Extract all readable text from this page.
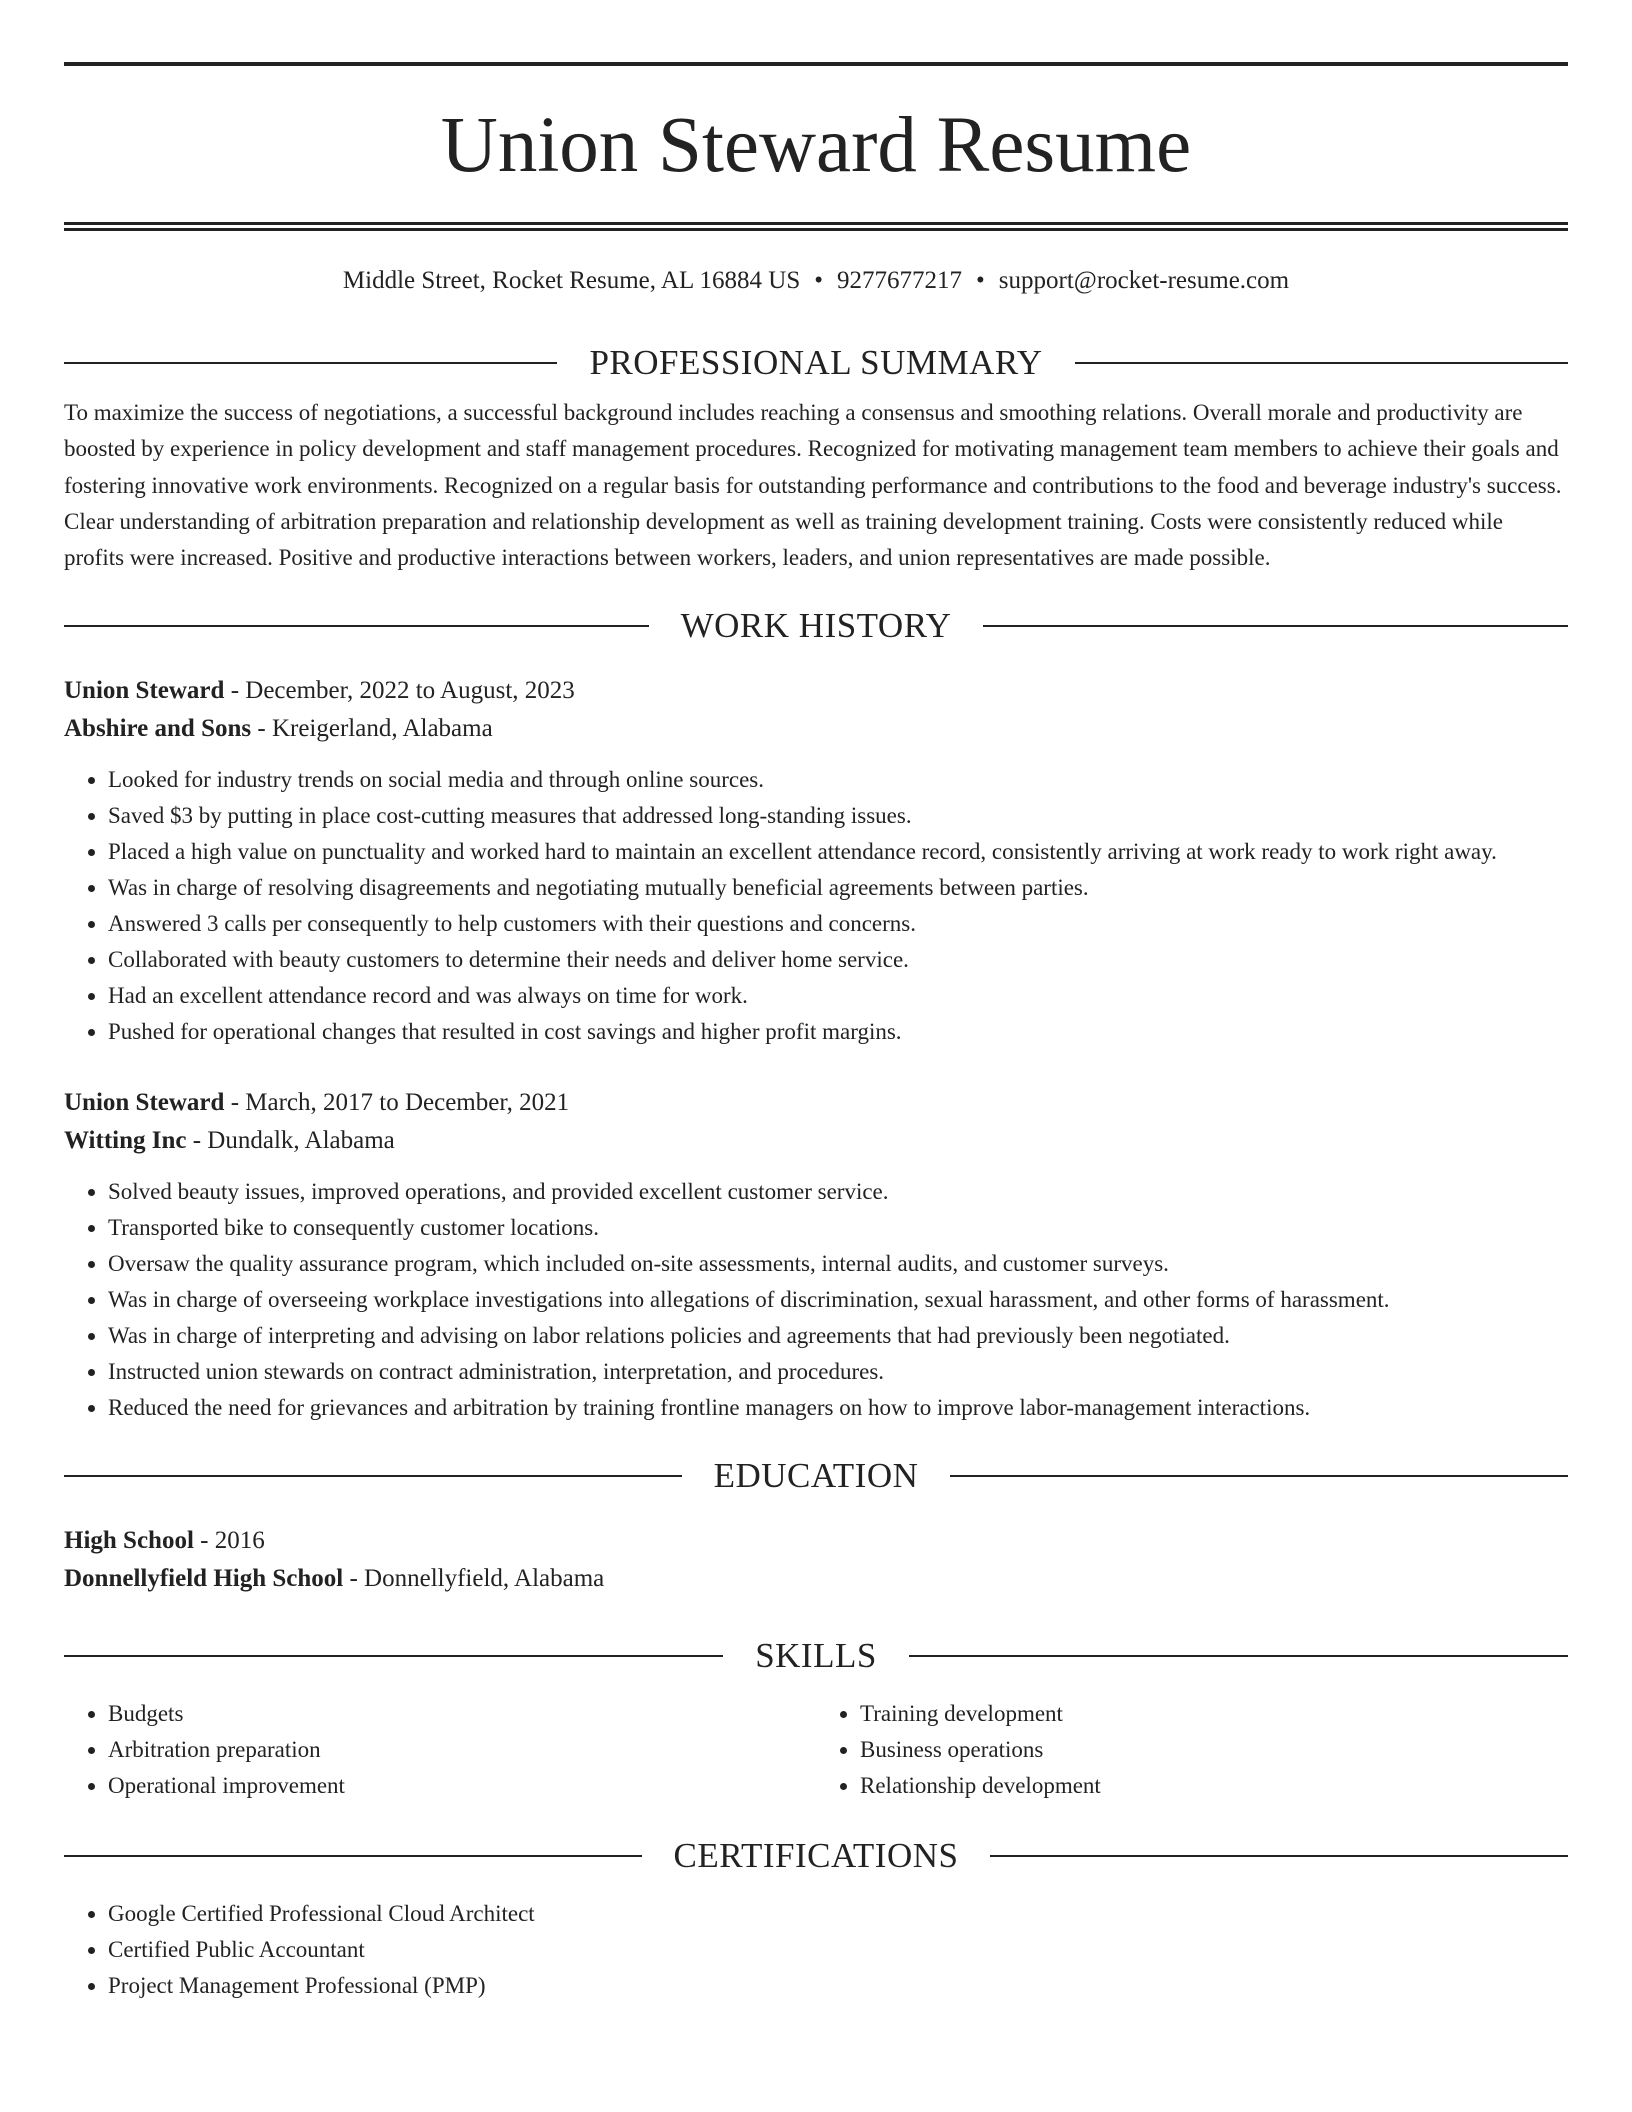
Union Steward Resume
Middle Street, Rocket Resume, AL 16884 US • 9277677217 • support@rocket-resume.com
PROFESSIONAL SUMMARY

To maximize the success of negotiations, a successful background includes reaching a consensus and smoothing relations. Overall morale and productivity are boosted by experience in policy development and staff management procedures. Recognized for motivating management team members to achieve their goals and fostering innovative work environments. Recognized on a regular basis for outstanding performance and contributions to the food and beverage industry's success. Clear understanding of arbitration preparation and relationship development as well as training development training. Costs were consistently reduced while profits were increased. Positive and productive interactions between workers, leaders, and union representatives are made possible.

WORK HISTORY
Union Steward - December, 2022 to August, 2023
Abshire and Sons - Kreigerland, Alabama
• Looked for industry trends on social media and through online sources.
• Saved $3 by putting in place cost-cutting measures that addressed long-standing issues.
• Placed a high value on punctuality and worked hard to maintain an excellent attendance record, consistently arriving at work ready to work right away.
• Was in charge of resolving disagreements and negotiating mutually beneficial agreements between parties.
• Answered 3 calls per consequently to help customers with their questions and concerns.
• Collaborated with beauty customers to determine their needs and deliver home service.
• Had an excellent attendance record and was always on time for work.
• Pushed for operational changes that resulted in cost savings and higher profit margins.
Union Steward - March, 2017 to December, 2021
Witting Inc - Dundalk, Alabama
• Solved beauty issues, improved operations, and provided excellent customer service.
• Transported bike to consequently customer locations.
• Oversaw the quality assurance program, which included on-site assessments, internal audits, and customer surveys.
• Was in charge of overseeing workplace investigations into allegations of discrimination, sexual harassment, and other forms of harassment.
• Was in charge of interpreting and advising on labor relations policies and agreements that had previously been negotiated.
• Instructed union stewards on contract administration, interpretation, and procedures.
• Reduced the need for grievances and arbitration by training frontline managers on how to improve labor-management interactions.
EDUCATION
High School - 2016
Donnellyfield High School - Donnellyfield, Alabama
SKILLS
• Budgets
• Arbitration preparation
• Operational improvement
• Training development
• Business operations
• Relationship development
CERTIFICATIONS
• Google Certified Professional Cloud Architect
• Certified Public Accountant
• Project Management Professional (PMP)
